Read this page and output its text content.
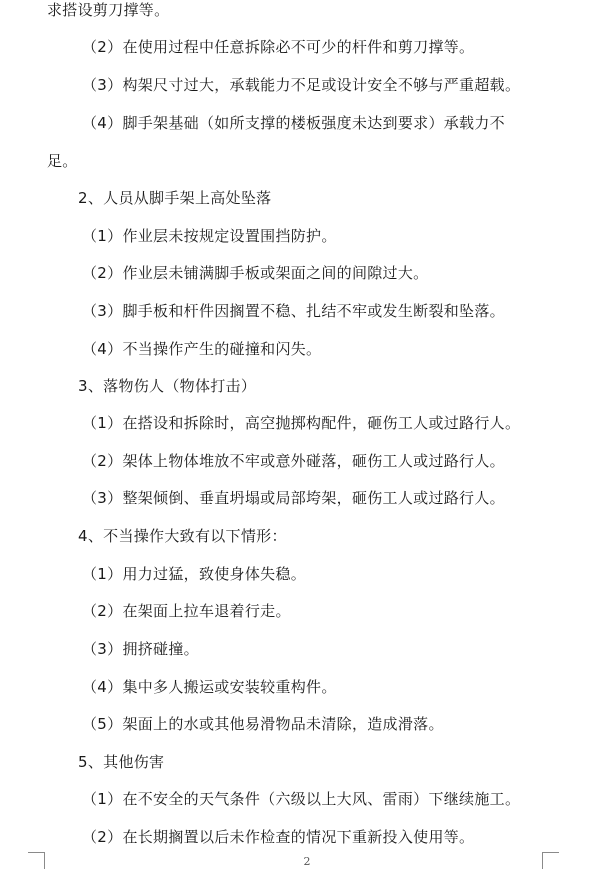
求搭设剪刀撑等。
（2）在使用过程中任意拆除必不可少的杆件和剪刀撑等。
（3）构架尺寸过大，承载能力不足或设计安全不够与严重超载。
（4）脚手架基础（如所支撑的楼板强度未达到要求）承载力不
足。
2、人员从脚手架上高处坠落
（1）作业层未按规定设置围挡防护。
（2）作业层未铺满脚手板或架面之间的间隙过大。
（3）脚手板和杆件因搁置不稳、扎结不牢或发生断裂和坠落。
（4）不当操作产生的碰撞和闪失。
3、落物伤人（物体打击）
（1）在搭设和拆除时，高空抛掷构配件，砸伤工人或过路行人。
（2）架体上物体堆放不牢或意外碰落，砸伤工人或过路行人。
（3）整架倾倒、垂直坍塌或局部垮架，砸伤工人或过路行人。
4、不当操作大致有以下情形：
（1）用力过猛，致使身体失稳。
（2）在架面上拉车退着行走。
（3）拥挤碰撞。
（4）集中多人搬运或安装较重构件。
（5）架面上的水或其他易滑物品未清除，造成滑落。
5、其他伤害
（1）在不安全的天气条件（六级以上大风、雷雨）下继续施工。
（2）在长期搁置以后未作检查的情况下重新投入使用等。
2
